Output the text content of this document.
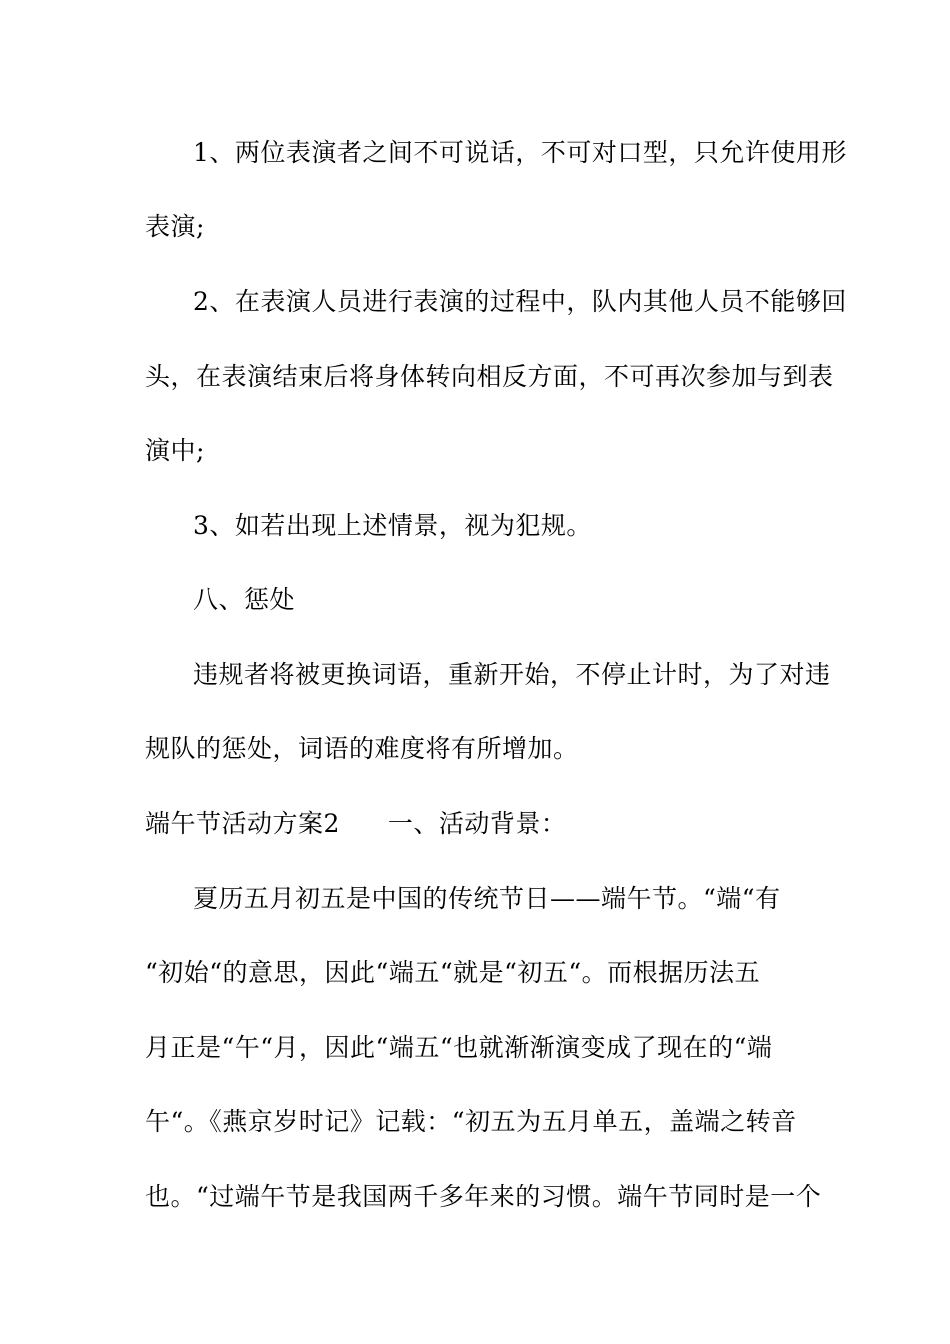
1、两位表演者之间不可说话，不可对口型，只允许使用形
表演;
2、在表演人员进行表演的过程中，队内其他人员不能够回
头，在表演结束后将身体转向相反方面，不可再次参加与到表
演中;
3、如若出现上述情景，视为犯规。
八、惩处
违规者将被更换词语，重新开始，不停止计时，为了对违
规队的惩处，词语的难度将有所增加。
端午节活动方案2 一、活动背景：
夏历五月初五是中国的传统节日——端午节。“端“有
“初始“的意思，因此“端五“就是“初五“。而根据历法五
月正是“午“月，因此“端五“也就渐渐演变成了现在的“端
午“。《燕京岁时记》记载：“初五为五月单五，盖端之转音
也。“过端午节是我国两千多年来的习惯。端午节同时是一个
